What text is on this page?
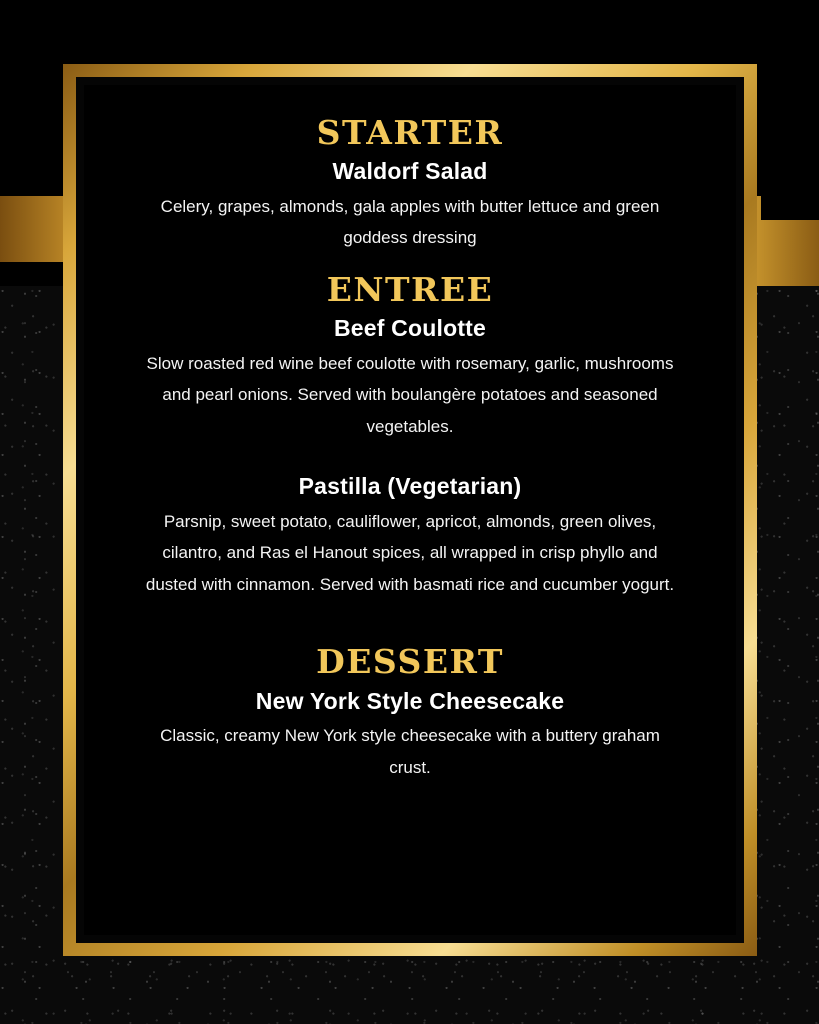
STARTER
Waldorf Salad

Celery, grapes, almonds, gala apples with butter lettuce and green goddess dressing

ENTREE
Beef Coulotte

Slow roasted red wine beef coulotte with rosemary, garlic, mushrooms and pearl onions. Served with boulangère potatoes and seasoned vegetables.

Pastilla (Vegetarian)

Parsnip, sweet potato, cauliflower, apricot, almonds, green olives, cilantro, and Ras el Hanout spices, all wrapped in crisp phyllo and dusted with cinnamon. Served with basmati rice and cucumber yogurt.

DESSERT
New York Style Cheesecake

Classic, creamy New York style cheesecake with a buttery graham crust.
